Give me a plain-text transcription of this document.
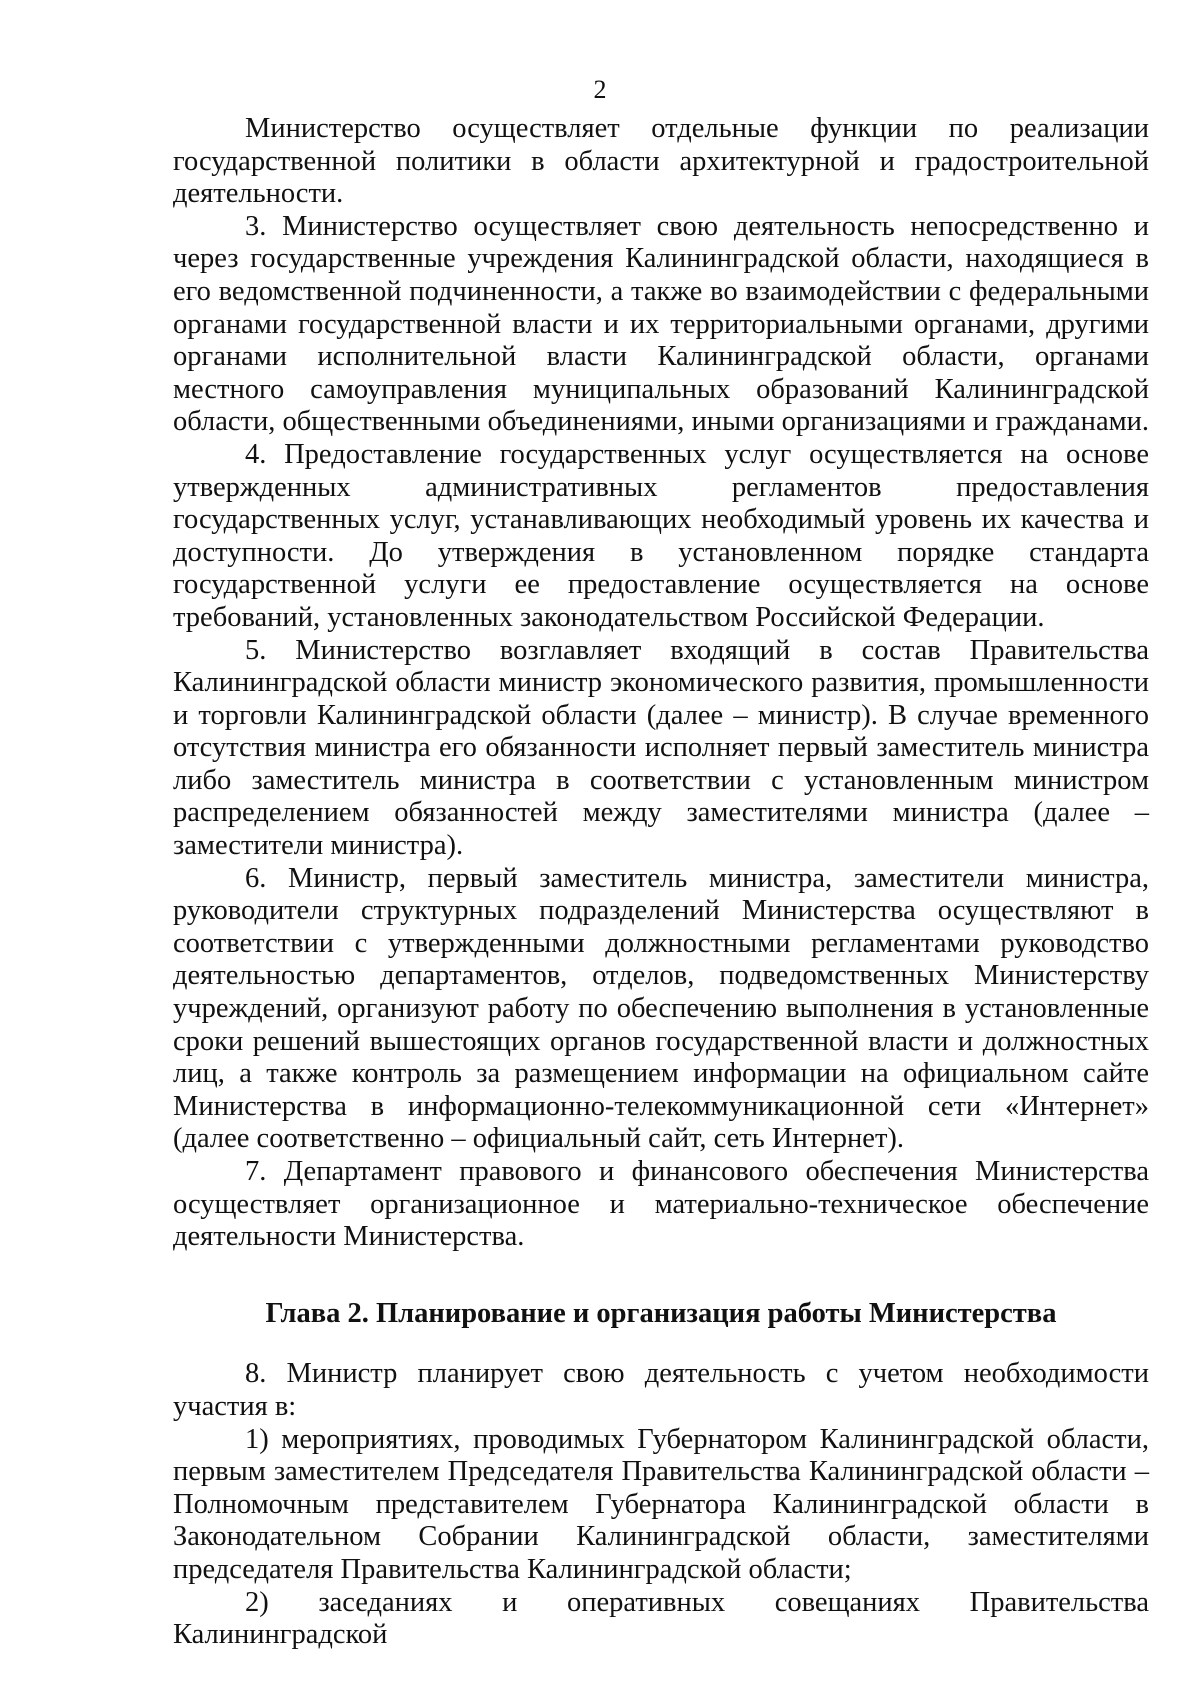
2

Министерство осуществляет отдельные функции по реализации государственной политики в области архитектурной и градостроительной деятельности.

3. Министерство осуществляет свою деятельность непосредственно и через государственные учреждения Калининградской области, находящиеся в его ведомственной подчиненности, а также во взаимодействии с федеральными органами государственной власти и их территориальными органами, другими органами исполнительной власти Калининградской области, органами местного самоуправления муниципальных образований Калининградской области, общественными объединениями, иными организациями и гражданами.

4. Предоставление государственных услуг осуществляется на основе утвержденных административных регламентов предоставления государственных услуг, устанавливающих необходимый уровень их качества и доступности. До утверждения в установленном порядке стандарта государственной услуги ее предоставление осуществляется на основе требований, установленных законодательством Российской Федерации.

5. Министерство возглавляет входящий в состав Правительства Калининградской области министр экономического развития, промышленности и торговли Калининградской области (далее – министр). В случае временного отсутствия министра его обязанности исполняет первый заместитель министра либо заместитель министра в соответствии с установленным министром распределением обязанностей между заместителями министра (далее – заместители министра).

6. Министр, первый заместитель министра, заместители министра, руководители структурных подразделений Министерства осуществляют в соответствии с утвержденными должностными регламентами руководство деятельностью департаментов, отделов, подведомственных Министерству учреждений, организуют работу по обеспечению выполнения в установленные сроки решений вышестоящих органов государственной власти и должностных лиц, а также контроль за размещением информации на официальном сайте Министерства в информационно-телекоммуникационной сети «Интернет» (далее соответственно – официальный сайт, сеть Интернет).

7. Департамент правового и финансового обеспечения Министерства осуществляет организационное и материально-техническое обеспечение деятельности Министерства.

Глава 2. Планирование и организация работы Министерства

8. Министр планирует свою деятельность с учетом необходимости участия в:

1) мероприятиях, проводимых Губернатором Калининградской области, первым заместителем Председателя Правительства Калининградской области – Полномочным представителем Губернатора Калининградской области в Законодательном Собрании Калининградской области, заместителями председателя Правительства Калининградской области;

2) заседаниях и оперативных совещаниях Правительства Калининградской
